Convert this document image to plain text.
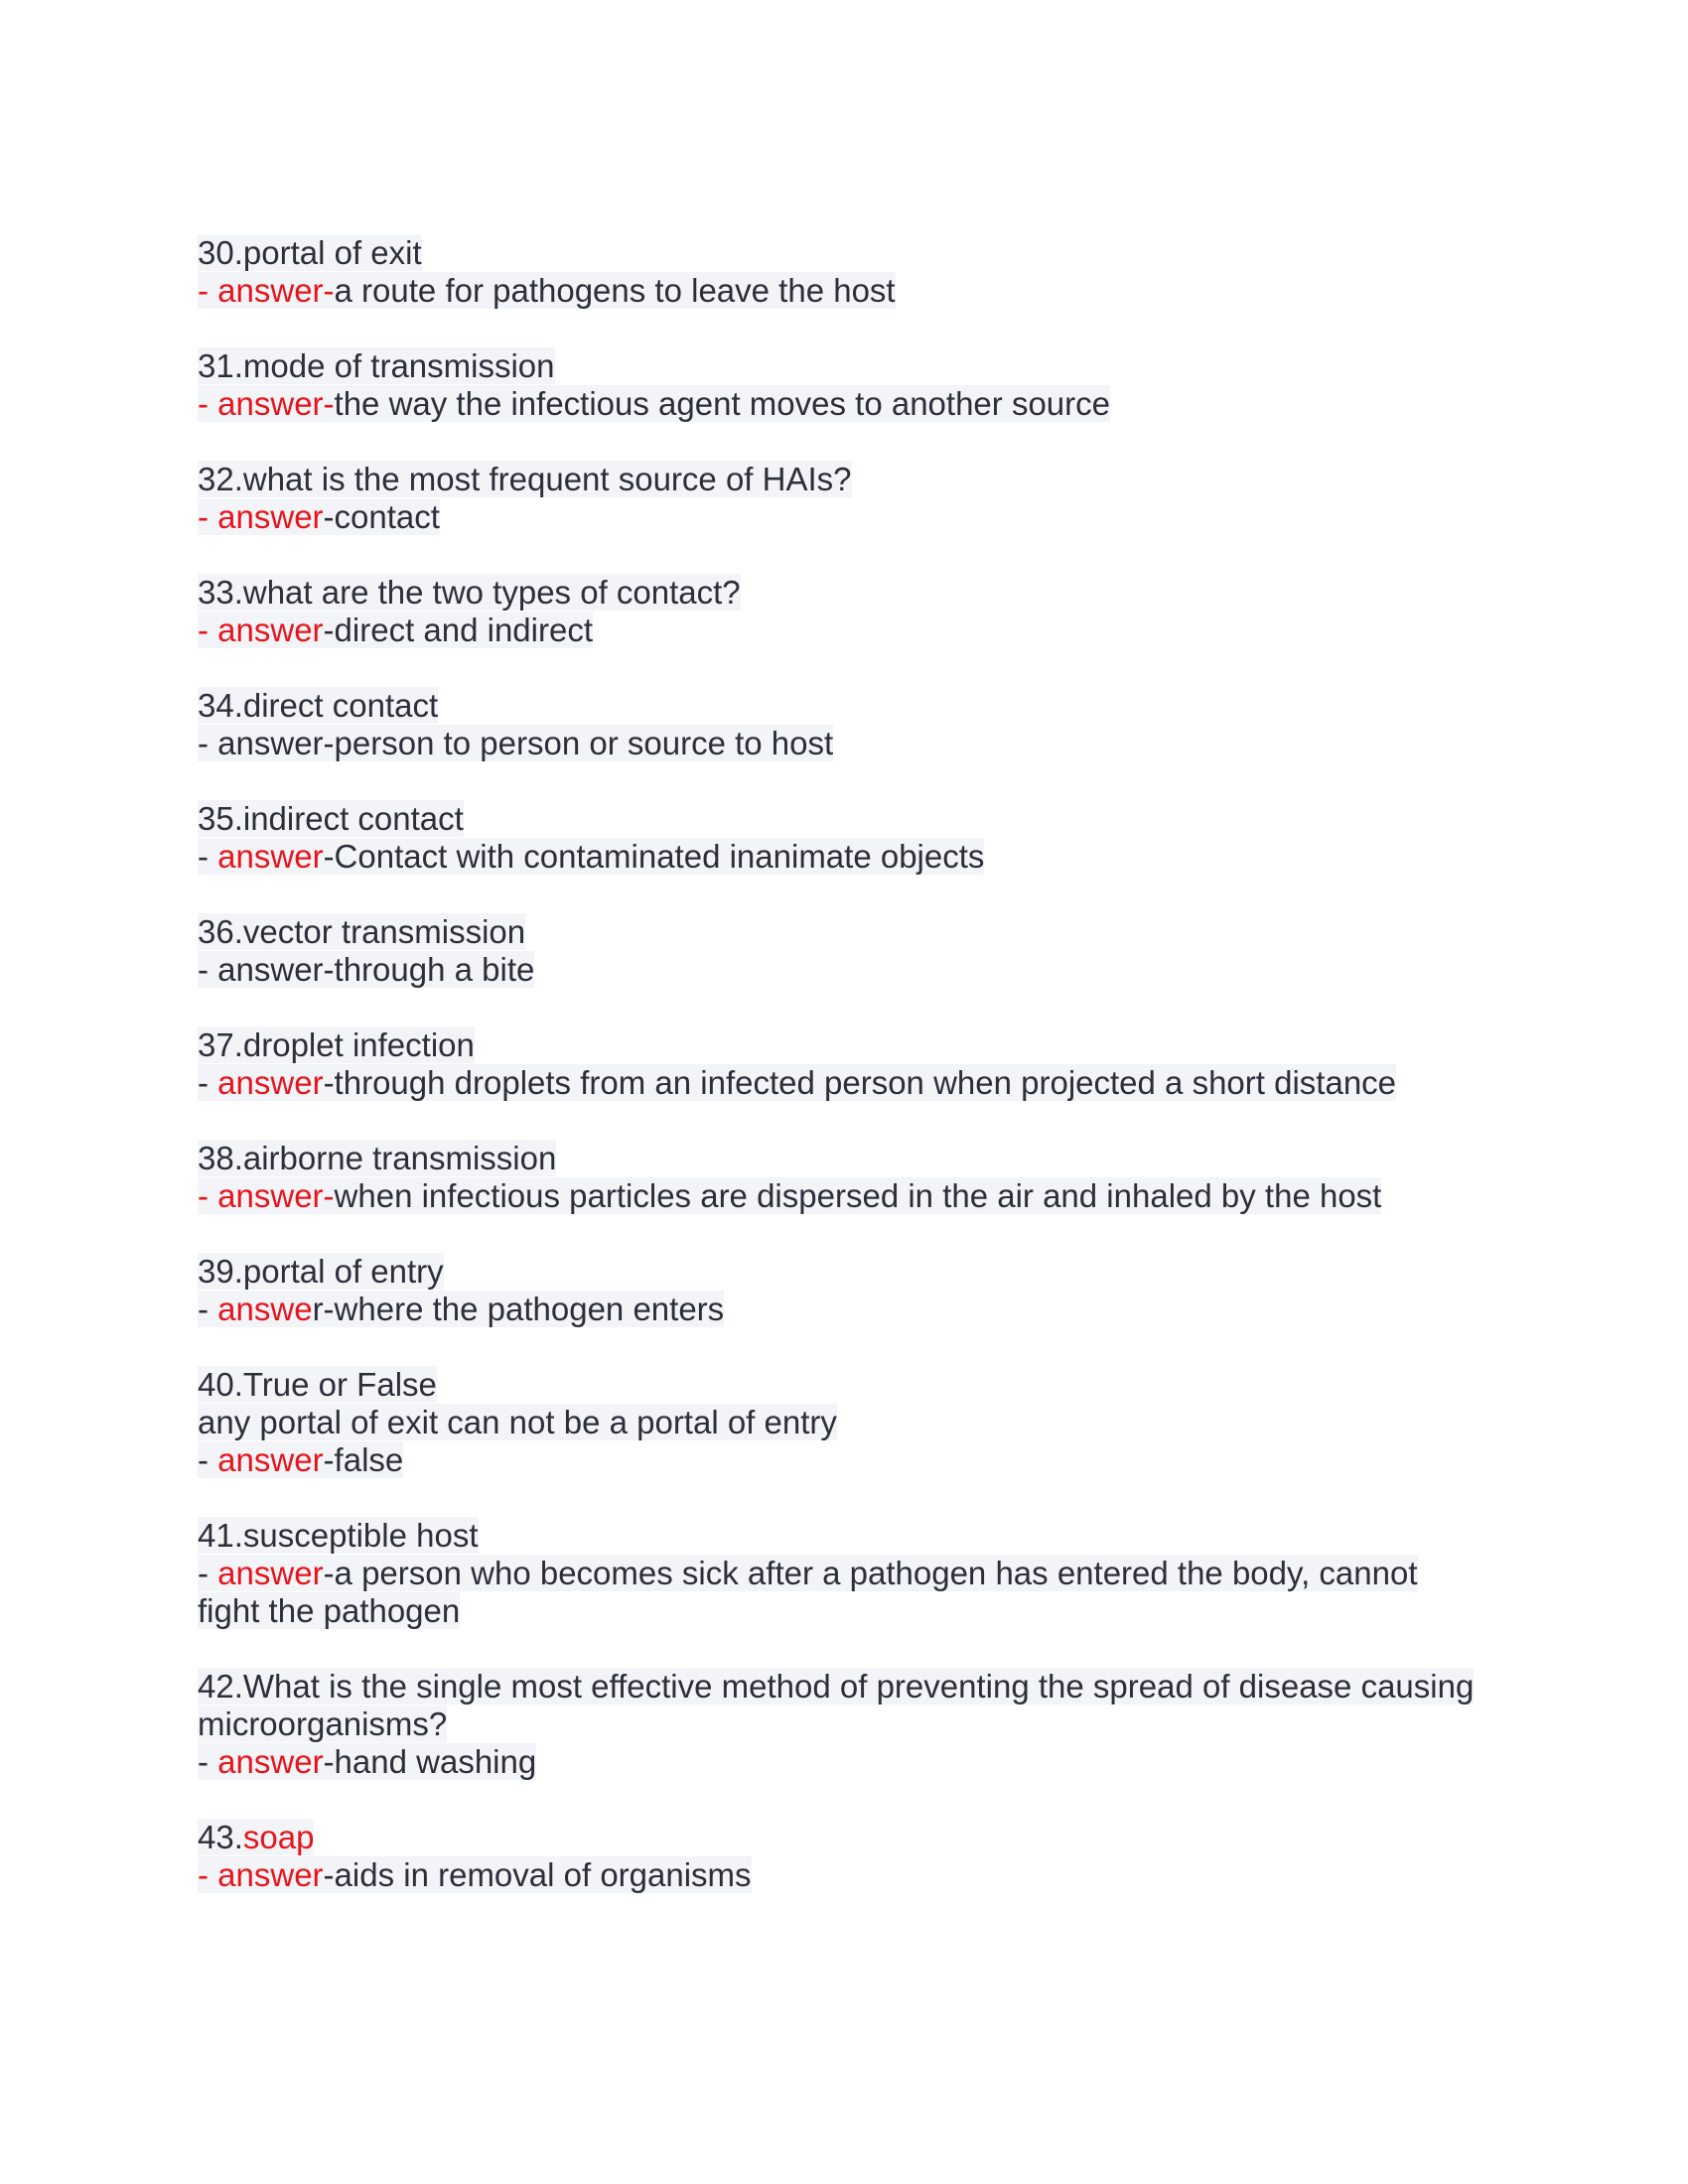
30.portal of exit
- answer-a route for pathogens to leave the host
31.mode of transmission
- answer-the way the infectious agent moves to another source
32.what is the most frequent source of HAIs?
- answer-contact
33.what are the two types of contact?
- answer-direct and indirect
34.direct contact
- answer-person to person or source to host
35.indirect contact
- answer-Contact with contaminated inanimate objects
36.vector transmission
- answer-through a bite
37.droplet infection
- answer-through droplets from an infected person when projected a short distance
38.airborne transmission
- answer-when infectious particles are dispersed in the air and inhaled by the host
39.portal of entry
- answer-where the pathogen enters
40.True or False
any portal of exit can not be a portal of entry
- answer-false
41.susceptible host
- answer-a person who becomes sick after a pathogen has entered the body, cannot
fight the pathogen
42.What is the single most effective method of preventing the spread of disease causing
microorganisms?
- answer-hand washing
43.soap
- answer-aids in removal of organisms
